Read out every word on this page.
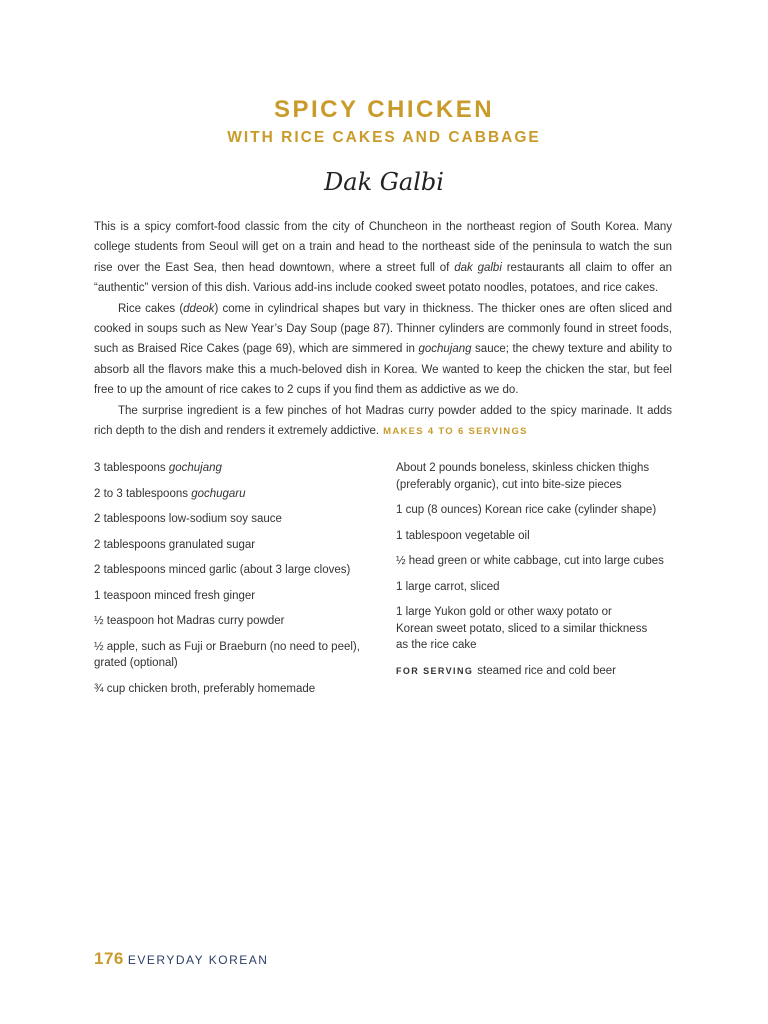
SPICY CHICKEN
WITH RICE CAKES AND CABBAGE
Dak Galbi

This is a spicy comfort-food classic from the city of Chuncheon in the northeast region of South Korea. Many college students from Seoul will get on a train and head to the northeast side of the peninsula to watch the sun rise over the East Sea, then head downtown, where a street full of dak galbi restaurants all claim to offer an “authentic” version of this dish. Various add-ins include cooked sweet potato noodles, potatoes, and rice cakes.

Rice cakes (ddeok) come in cylindrical shapes but vary in thickness. The thicker ones are often sliced and cooked in soups such as New Year’s Day Soup (page 87). Thinner cylinders are commonly found in street foods, such as Braised Rice Cakes (page 69), which are simmered in gochujang sauce; the chewy texture and ability to absorb all the flavors make this a much-beloved dish in Korea. We wanted to keep the chicken the star, but feel free to up the amount of rice cakes to 2 cups if you find them as addictive as we do.

The surprise ingredient is a few pinches of hot Madras curry powder added to the spicy marinade. It adds rich depth to the dish and renders it extremely addictive. MAKES 4 TO 6 SERVINGS

3 tablespoons gochujang

2 to 3 tablespoons gochugaru

2 tablespoons low-sodium soy sauce

2 tablespoons granulated sugar

2 tablespoons minced garlic (about 3 large cloves)

1 teaspoon minced fresh ginger

½ teaspoon hot Madras curry powder

½ apple, such as Fuji or Braeburn (no need to peel), grated (optional)

¾ cup chicken broth, preferably homemade

About 2 pounds boneless, skinless chicken thighs (preferably organic), cut into bite-size pieces

1 cup (8 ounces) Korean rice cake (cylinder shape)

1 tablespoon vegetable oil

½ head green or white cabbage, cut into large cubes

1 large carrot, sliced

1 large Yukon gold or other waxy potato or
Korean sweet potato, sliced to a similar thickness
as the rice cake

FOR SERVING steamed rice and cold beer

176 EVERYDAY KOREAN
